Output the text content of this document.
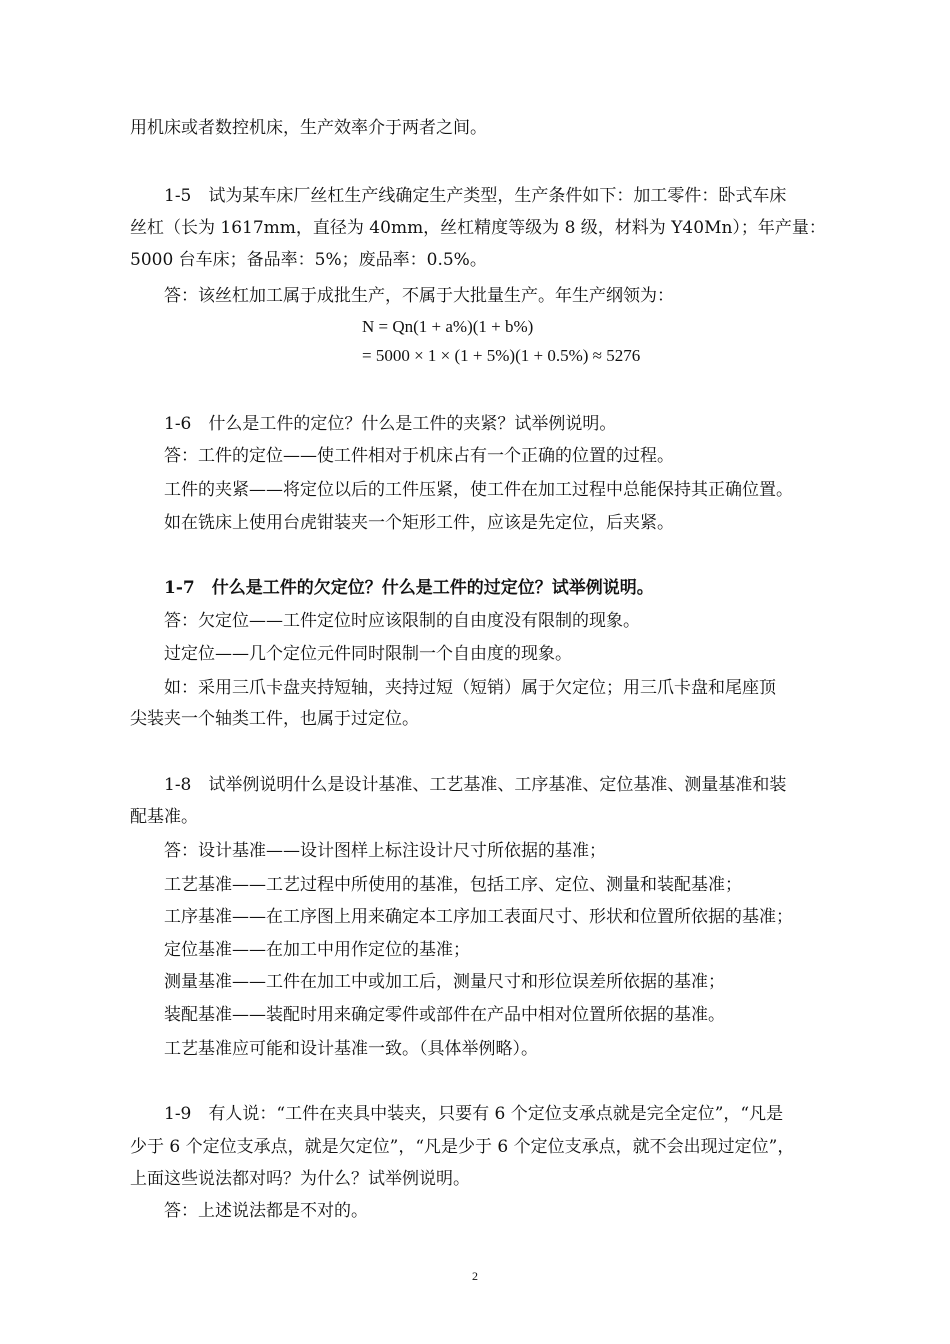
用机床或者数控机床，生产效率介于两者之间。
1-5　试为某车床厂丝杠生产线确定生产类型，生产条件如下：加工零件：卧式车床
丝杠（长为 1617mm，直径为 40mm，丝杠精度等级为 8 级，材料为 Y40Mn）；年产量：
5000 台车床；备品率：5%；废品率：0.5%。
答：该丝杠加工属于成批生产，不属于大批量生产。年生产纲领为：
N = Qn(1 + a%)(1 + b%)
= 5000 × 1 × (1 + 5%)(1 + 0.5%) ≈ 5276
1-6　什么是工件的定位？什么是工件的夹紧？试举例说明。
答：工件的定位——使工件相对于机床占有一个正确的位置的过程。
工件的夹紧——将定位以后的工件压紧，使工件在加工过程中总能保持其正确位置。
如在铣床上使用台虎钳装夹一个矩形工件，应该是先定位，后夹紧。
1-7　什么是工件的欠定位？什么是工件的过定位？试举例说明。
答：欠定位——工件定位时应该限制的自由度没有限制的现象。
过定位——几个定位元件同时限制一个自由度的现象。
如：采用三爪卡盘夹持短轴，夹持过短（短销）属于欠定位；用三爪卡盘和尾座顶
尖装夹一个轴类工件，也属于过定位。
1-8　试举例说明什么是设计基准、工艺基准、工序基准、定位基准、测量基准和装
配基准。
答：设计基准——设计图样上标注设计尺寸所依据的基准；
工艺基准——工艺过程中所使用的基准，包括工序、定位、测量和装配基准；
工序基准——在工序图上用来确定本工序加工表面尺寸、形状和位置所依据的基准；
定位基准——在加工中用作定位的基准；
测量基准——工件在加工中或加工后，测量尺寸和形位误差所依据的基准；
装配基准——装配时用来确定零件或部件在产品中相对位置所依据的基准。
工艺基准应可能和设计基准一致。（具体举例略）。
1-9　有人说：“工件在夹具中装夹，只要有 6 个定位支承点就是完全定位”，“凡是
少于 6 个定位支承点，就是欠定位”，“凡是少于 6 个定位支承点，就不会出现过定位”，
上面这些说法都对吗？为什么？试举例说明。
答：上述说法都是不对的。
2
